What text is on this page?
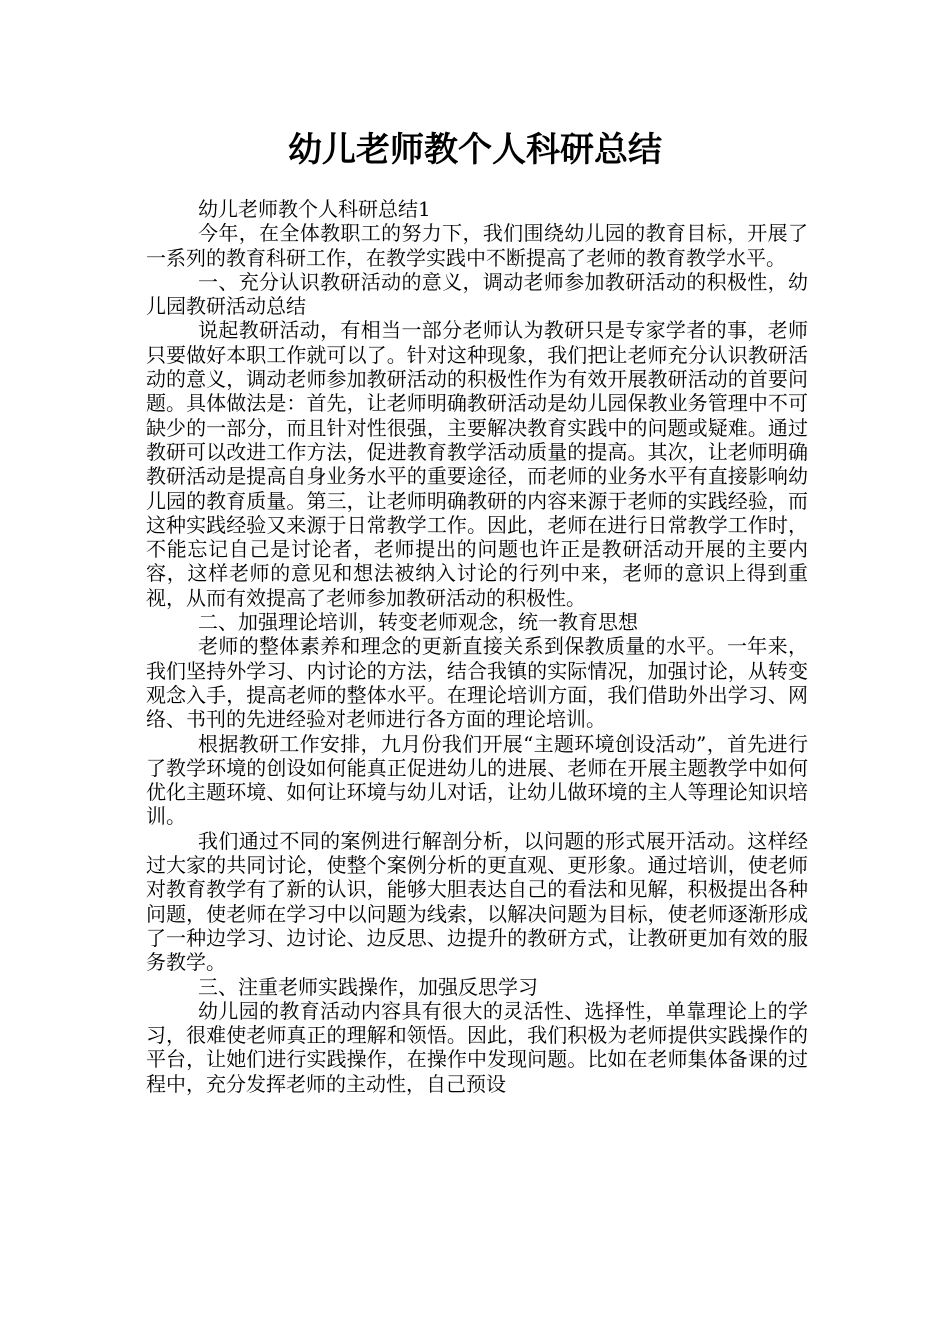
幼儿老师教个人科研总结

幼儿老师教个人科研总结1

今年，在全体教职工的努力下，我们围绕幼儿园的教育目标，开展了一系列的教育科研工作，在教学实践中不断提高了老师的教育教学水平。

一、充分认识教研活动的意义，调动老师参加教研活动的积极性，幼儿园教研活动总结

说起教研活动，有相当一部分老师认为教研只是专家学者的事，老师只要做好本职工作就可以了。针对这种现象，我们把让老师充分认识教研活动的意义，调动老师参加教研活动的积极性作为有效开展教研活动的首要问题。具体做法是：首先，让老师明确教研活动是幼儿园保教业务管理中不可缺少的一部分，而且针对性很强，主要解决教育实践中的问题或疑难。通过教研可以改进工作方法，促进教育教学活动质量的提高。其次，让老师明确教研活动是提高自身业务水平的重要途径，而老师的业务水平有直接影响幼儿园的教育质量。第三，让老师明确教研的内容来源于老师的实践经验，而这种实践经验又来源于日常教学工作。因此，老师在进行日常教学工作时，不能忘记自己是讨论者，老师提出的问题也许正是教研活动开展的主要内容，这样老师的意见和想法被纳入讨论的行列中来，老师的意识上得到重视，从而有效提高了老师参加教研活动的积极性。

二、加强理论培训，转变老师观念，统一教育思想

老师的整体素养和理念的更新直接关系到保教质量的水平。一年来，我们坚持外学习、内讨论的方法，结合我镇的实际情况，加强讨论，从转变观念入手，提高老师的整体水平。在理论培训方面，我们借助外出学习、网络、书刊的先进经验对老师进行各方面的理论培训。

根据教研工作安排，九月份我们开展“主题环境创设活动”，首先进行了教学环境的创设如何能真正促进幼儿的进展、老师在开展主题教学中如何优化主题环境、如何让环境与幼儿对话，让幼儿做环境的主人等理论知识培训。

我们通过不同的案例进行解剖分析，以问题的形式展开活动。这样经过大家的共同讨论，使整个案例分析的更直观、更形象。通过培训，使老师对教育教学有了新的认识，能够大胆表达自己的看法和见解，积极提出各种问题，使老师在学习中以问题为线索，以解决问题为目标，使老师逐渐形成了一种边学习、边讨论、边反思、边提升的教研方式，让教研更加有效的服务教学。

三、注重老师实践操作，加强反思学习

幼儿园的教育活动内容具有很大的灵活性、选择性，单靠理论上的学习，很难使老师真正的理解和领悟。因此，我们积极为老师提供实践操作的平台，让她们进行实践操作，在操作中发现问题。比如在老师集体备课的过程中，充分发挥老师的主动性，自己预设
